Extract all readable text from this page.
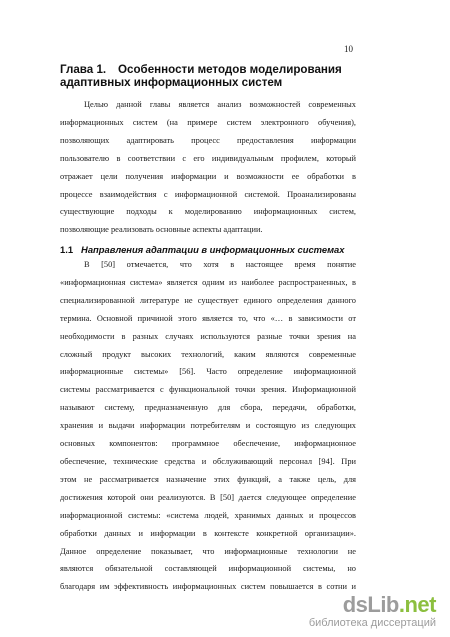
10
Глава 1. Особенности методов моделирования
адаптивных информационных систем
Целью данной главы является анализ возможностей современных
информационных систем (на примере систем электронного обучения),
позволяющих адаптировать процесс предоставления информации
пользователю в соответствии с его индивидуальным профилем, который
отражает цели получения информации и возможности ее обработки в
процессе взаимодействия с информационной системой. Проанализированы
существующие подходы к моделированию информационных систем,
позволяющие реализовать основные аспекты адаптации.
1.1 Направления адаптации в информационных системах
В [50] отмечается, что хотя в настоящее время понятие
«информационная система» является одним из наиболее распространенных, в
специализированной литературе не существует единого определения данного
термина. Основной причиной этого является то, что «… в зависимости от
необходимости в разных случаях используются разные точки зрения на
сложный продукт высоких технологий, каким являются современные
информационные системы» [56]. Часто определение информационной
системы рассматривается с функциональной точки зрения. Информационной
называют систему, предназначенную для сбора, передачи, обработки,
хранения и выдачи информации потребителям и состоящую из следующих
основных компонентов: программное обеспечение, информационное
обеспечение, технические средства и обслуживающий персонал [94]. При
этом не рассматривается назначение этих функций, а также цель, для
достижения которой они реализуются. В [50] дается следующее определение
информационной системы: «система людей, хранимых данных и процессов
обработки данных и информации в контексте конкретной организации».
Данное определение показывает, что информационные технологии не
являются обязательной составляющей информационной системы, но
благодаря им эффективность информационных систем повышается в сотни и
dsLib.net
библиотека диссертаций
